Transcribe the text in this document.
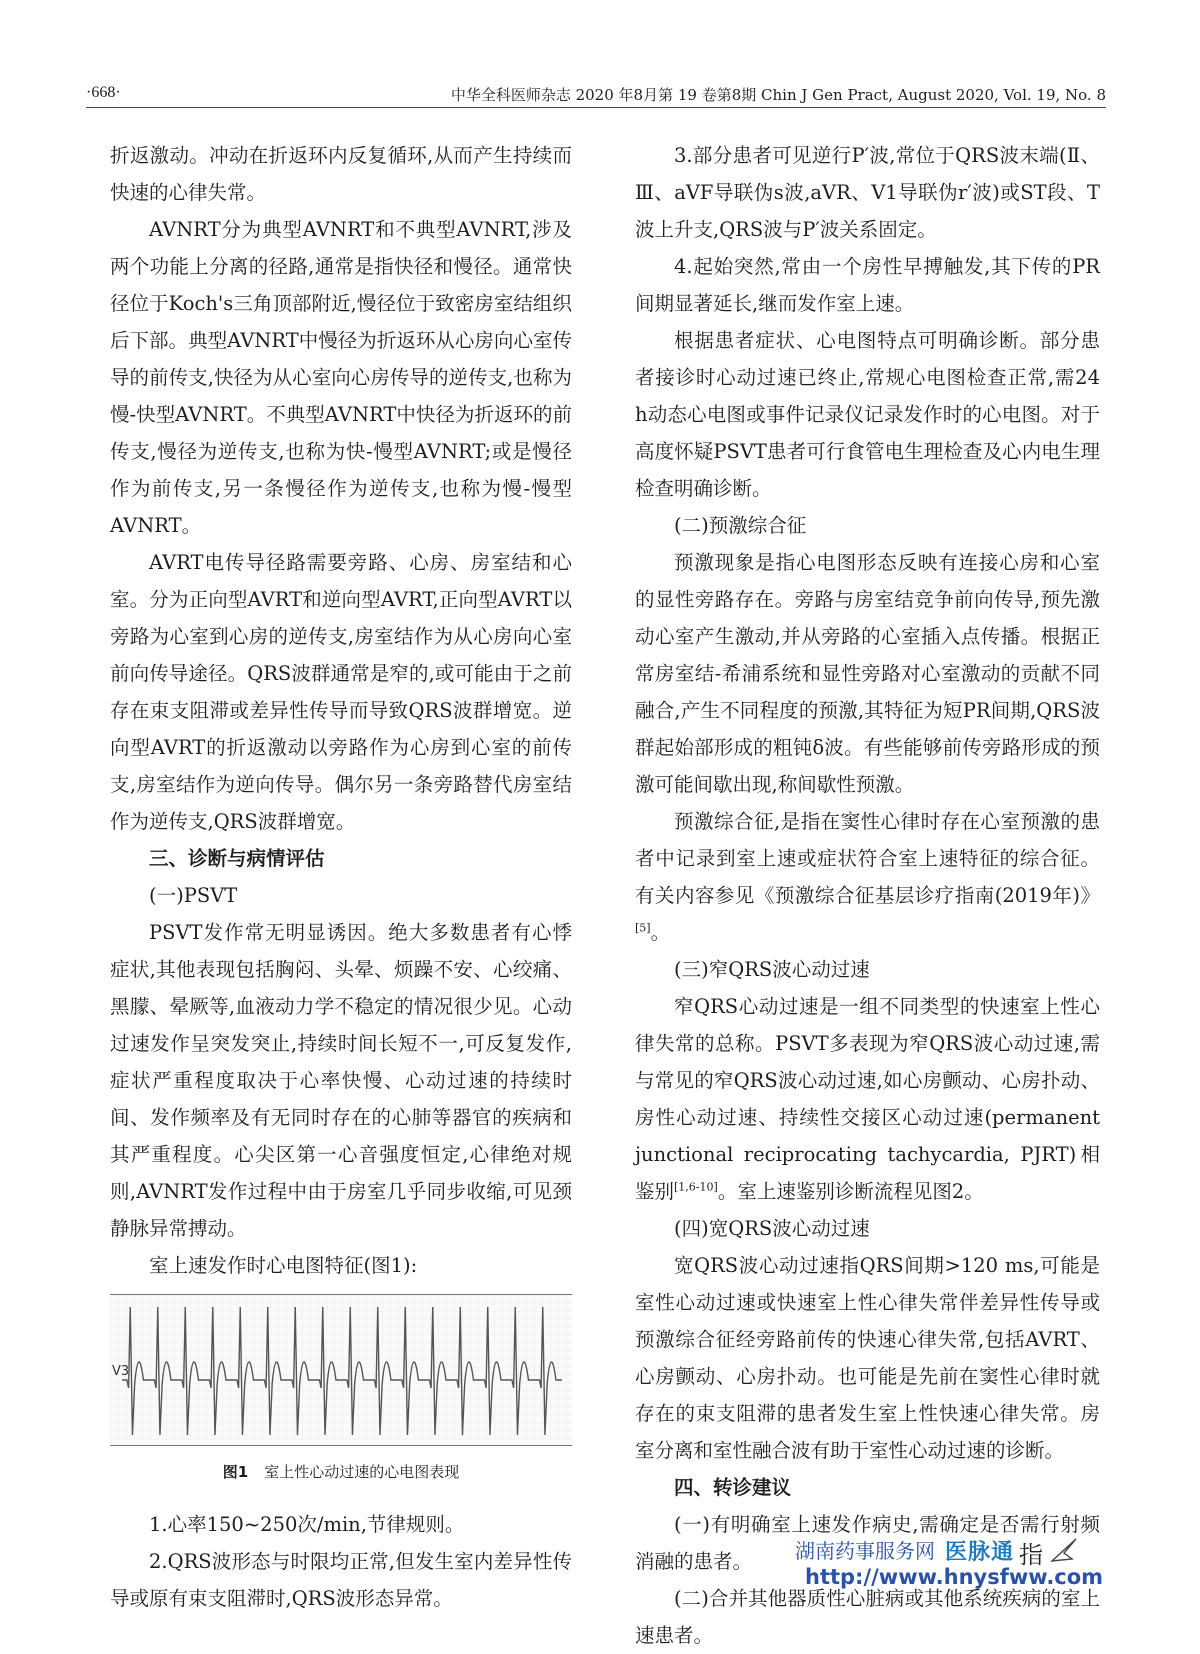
·668·	中华全科医师杂志 2020 年8月第 19 卷第8期 Chin J Gen Pract, August 2020, Vol. 19, No. 8

折返激动。冲动在折返环内反复循环,从而产生持续而快速的心律失常。

AVNRT分为典型AVNRT和不典型AVNRT,涉及两个功能上分离的径路,通常是指快径和慢径。通常快径位于Koch's三角顶部附近,慢径位于致密房室结组织后下部。典型AVNRT中慢径为折返环从心房向心室传导的前传支,快径为从心室向心房传导的逆传支,也称为慢-快型AVNRT。不典型AVNRT中快径为折返环的前传支,慢径为逆传支,也称为快-慢型AVNRT;或是慢径作为前传支,另一条慢径作为逆传支,也称为慢-慢型AVNRT。

AVRT电传导径路需要旁路、心房、房室结和心室。分为正向型AVRT和逆向型AVRT,正向型AVRT以旁路为心室到心房的逆传支,房室结作为从心房向心室前向传导途径。QRS波群通常是窄的,或可能由于之前存在束支阻滞或差异性传导而导致QRS波群增宽。逆向型AVRT的折返激动以旁路作为心房到心室的前传支,房室结作为逆向传导。偶尔另一条旁路替代房室结作为逆传支,QRS波群增宽。

三、诊断与病情评估

(一)PSVT

PSVT发作常无明显诱因。绝大多数患者有心悸症状,其他表现包括胸闷、头晕、烦躁不安、心绞痛、黑朦、晕厥等,血液动力学不稳定的情况很少见。心动过速发作呈突发突止,持续时间长短不一,可反复发作,症状严重程度取决于心率快慢、心动过速的持续时间、发作频率及有无同时存在的心肺等器官的疾病和其严重程度。心尖区第一心音强度恒定,心律绝对规则,AVNRT发作过程中由于房室几乎同步收缩,可见颈静脉异常搏动。

室上速发作时心电图特征(图1):

V3
图1 室上性心动过速的心电图表现

1.心率150~250次/min,节律规则。

2.QRS波形态与时限均正常,但发生室内差异性传导或原有束支阻滞时,QRS波形态异常。

3.部分患者可见逆行P′波,常位于QRS波末端(Ⅱ、Ⅲ、aVF导联伪s波,aVR、V1导联伪r′波)或ST段、T波上升支,QRS波与P′波关系固定。

4.起始突然,常由一个房性早搏触发,其下传的PR间期显著延长,继而发作室上速。

根据患者症状、心电图特点可明确诊断。部分患者接诊时心动过速已终止,常规心电图检查正常,需24 h动态心电图或事件记录仪记录发作时的心电图。对于高度怀疑PSVT患者可行食管电生理检查及心内电生理检查明确诊断。

(二)预激综合征

预激现象是指心电图形态反映有连接心房和心室的显性旁路存在。旁路与房室结竞争前向传导,预先激动心室产生激动,并从旁路的心室插入点传播。根据正常房室结-希浦系统和显性旁路对心室激动的贡献不同融合,产生不同程度的预激,其特征为短PR间期,QRS波群起始部形成的粗钝δ波。有些能够前传旁路形成的预激可能间歇出现,称间歇性预激。

预激综合征,是指在窦性心律时存在心室预激的患者中记录到室上速或症状符合室上速特征的综合征。有关内容参见《预激综合征基层诊疗指南(2019年)》[5]。

(三)窄QRS波心动过速

窄QRS心动过速是一组不同类型的快速室上性心律失常的总称。PSVT多表现为窄QRS波心动过速,需与常见的窄QRS波心动过速,如心房颤动、心房扑动、房性心动过速、持续性交接区心动过速(permanent junctional reciprocating tachycardia, PJRT)相鉴别[1,6-10]。室上速鉴别诊断流程见图2。

(四)宽QRS波心动过速

宽QRS波心动过速指QRS间期>120 ms,可能是室性心动过速或快速室上性心律失常伴差异性传导或预激综合征经旁路前传的快速心律失常,包括AVRT、心房颤动、心房扑动。也可能是先前在窦性心律时就存在的束支阻滞的患者发生室上性快速心律失常。房室分离和室性融合波有助于室性心动过速的诊断。

四、转诊建议

(一)有明确室上速发作病史,需确定是否需行射频消融的患者。

(二)合并其他器质性心脏病或其他系统疾病的室上速患者。

湖南药事服务网 医脉通 指
http://www.hnysfww.com
